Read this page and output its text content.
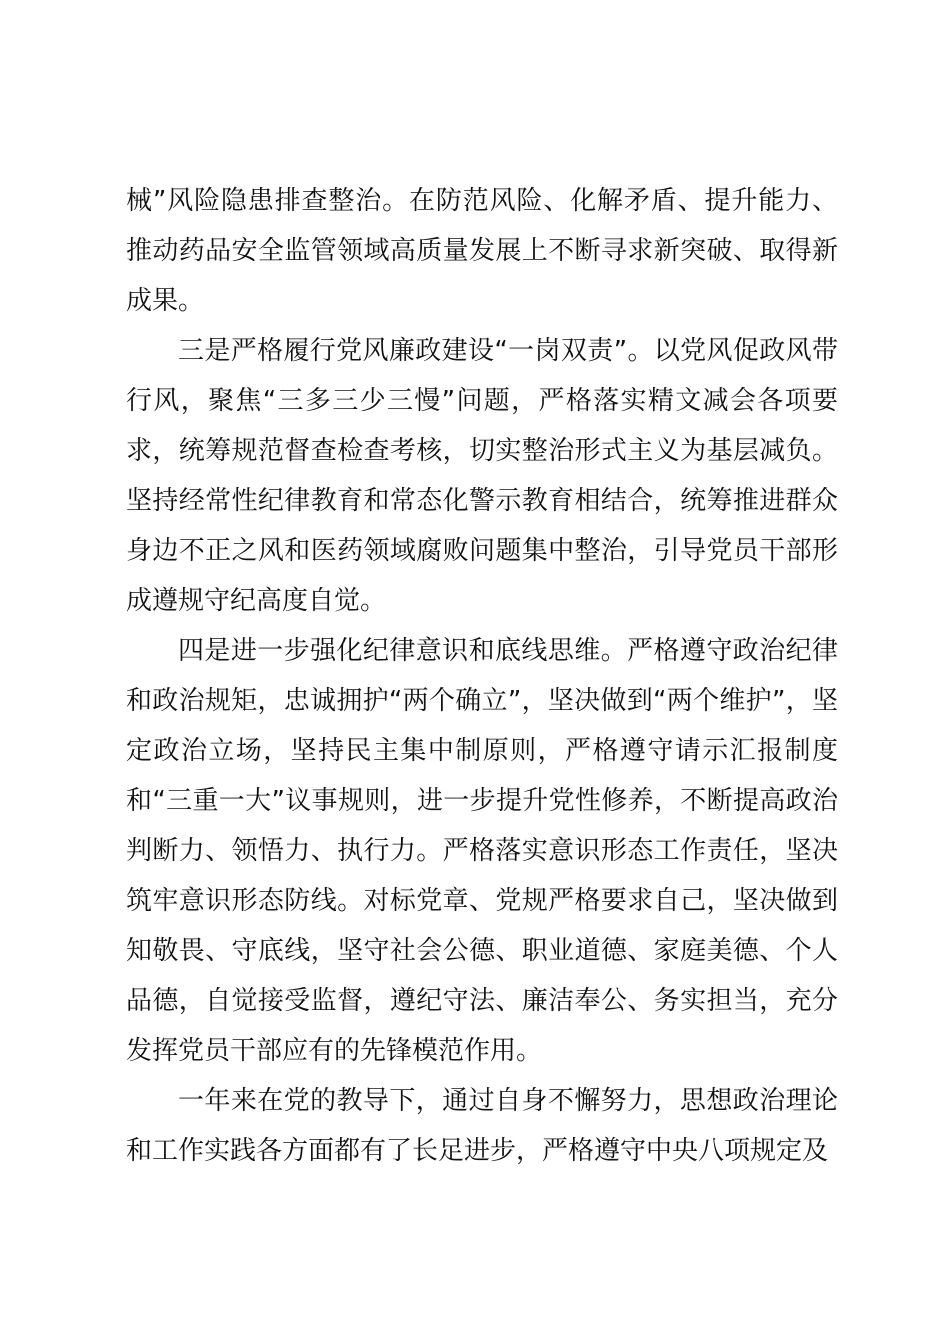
械”风险隐患排查整治。在防范风险、化解矛盾、提升能力、推动药品安全监管领域高质量发展上不断寻求新突破、取得新成果。

三是严格履行党风廉政建设“一岗双责”。以党风促政风带行风，聚焦“三多三少三慢”问题，严格落实精文减会各项要求，统筹规范督查检查考核，切实整治形式主义为基层减负。坚持经常性纪律教育和常态化警示教育相结合，统筹推进群众身边不正之风和医药领域腐败问题集中整治，引导党员干部形成遵规守纪高度自觉。

四是进一步强化纪律意识和底线思维。严格遵守政治纪律和政治规矩，忠诚拥护“两个确立”，坚决做到“两个维护”，坚定政治立场，坚持民主集中制原则，严格遵守请示汇报制度和“三重一大”议事规则，进一步提升党性修养，不断提高政治判断力、领悟力、执行力。严格落实意识形态工作责任，坚决筑牢意识形态防线。对标党章、党规严格要求自己，坚决做到知敬畏、守底线，坚守社会公德、职业道德、家庭美德、个人品德，自觉接受监督，遵纪守法、廉洁奉公、务实担当，充分发挥党员干部应有的先锋模范作用。

一年来在党的教导下，通过自身不懈努力，思想政治理论和工作实践各方面都有了长足进步，严格遵守中央八项规定及
